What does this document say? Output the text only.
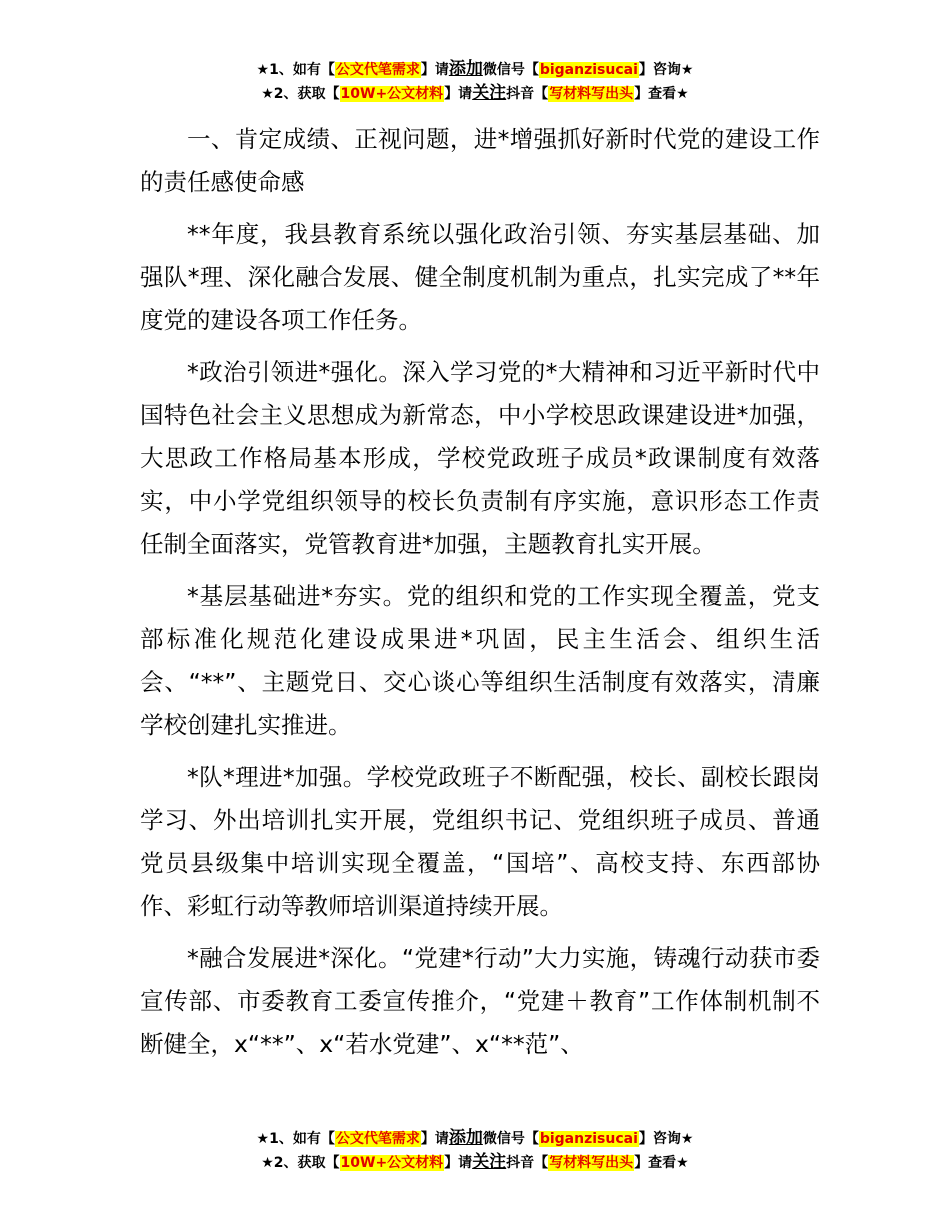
★1、如有【公文代笔需求】请添加微信号【biganzisucai】咨询★
★2、获取【10W+公文材料】请关注抖音【写材料写出头】查看★

一、肯定成绩、正视问题，进*增强抓好新时代党的建设工作的责任感使命感

**年度，我县教育系统以强化政治引领、夯实基层基础、加强队*理、深化融合发展、健全制度机制为重点，扎实完成了**年度党的建设各项工作任务。

*政治引领进*强化。深入学习党的*大精神和习近平新时代中国特色社会主义思想成为新常态，中小学校思政课建设进*加强，大思政工作格局基本形成，学校党政班子成员*政课制度有效落实，中小学党组织领导的校长负责制有序实施，意识形态工作责任制全面落实，党管教育进*加强，主题教育扎实开展。

*基层基础进*夯实。党的组织和党的工作实现全覆盖，党支部标准化规范化建设成果进*巩固，民主生活会、组织生活会、“**”、主题党日、交心谈心等组织生活制度有效落实，清廉学校创建扎实推进。

*队*理进*加强。学校党政班子不断配强，校长、副校长跟岗学习、外出培训扎实开展，党组织书记、党组织班子成员、普通党员县级集中培训实现全覆盖，“国培”、高校支持、东西部协作、彩虹行动等教师培训渠道持续开展。

*融合发展进*深化。“党建*行动”大力实施，铸魂行动获市委宣传部、市委教育工委宣传推介，“党建＋教育”工作体制机制不断健全，x“**”、x“若水党建”、x“**范”、

★1、如有【公文代笔需求】请添加微信号【biganzisucai】咨询★
★2、获取【10W+公文材料】请关注抖音【写材料写出头】查看★
